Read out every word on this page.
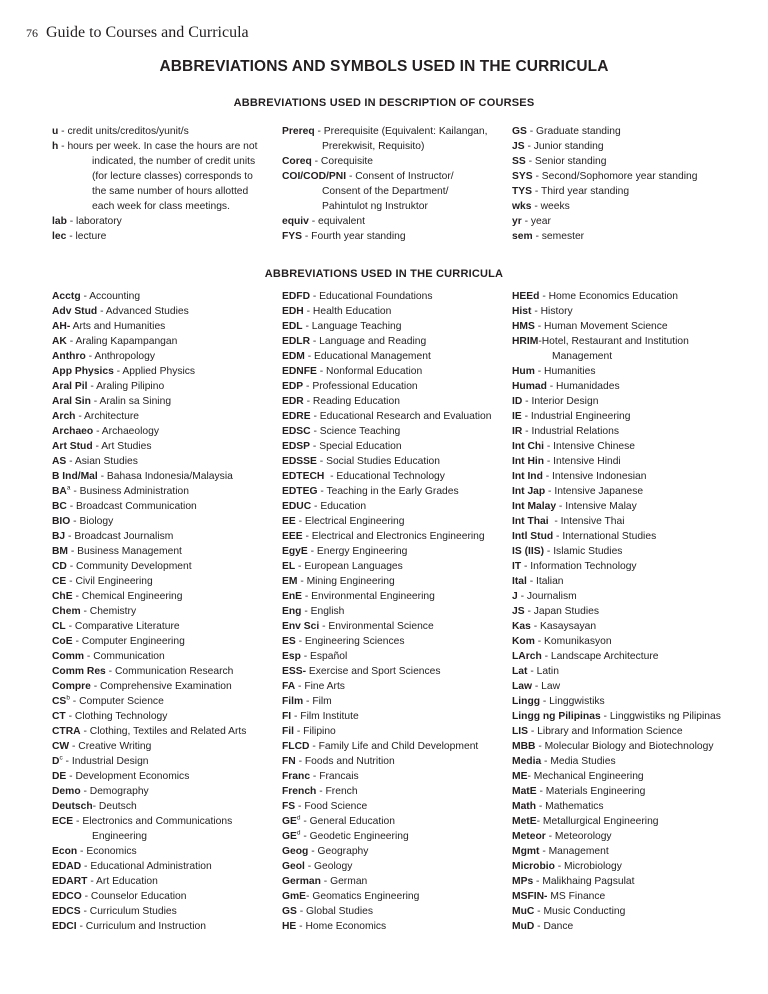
76 Guide to Courses and Curricula
ABBREVIATIONS AND SYMBOLS USED IN THE CURRICULA
ABBREVIATIONS USED IN DESCRIPTION OF COURSES
u - credit units/creditos/yunit/s
h - hours per week. In case the hours are not
indicated, the number of credit units
(for lecture classes) corresponds to
the same number of hours allotted
each week for class meetings.
lab - laboratory
lec - lecture
Prereq - Prerequisite (Equivalent: Kailangan,
Prerekwisit, Requisito)
Coreq - Corequisite
COI/COD/PNI - Consent of Instructor/
Consent of the Department/
Pahintulot ng Instruktor
equiv - equivalent
FYS - Fourth year standing
GS - Graduate standing
JS - Junior standing
SS - Senior standing
SYS - Second/Sophomore year standing
TYS - Third year standing
wks - weeks
yr - year
sem - semester
ABBREVIATIONS USED IN THE CURRICULA
Acctg - Accounting
Adv Stud - Advanced Studies
AH- Arts and Humanities
AK - Araling Kapampangan
Anthro - Anthropology
App Physics - Applied Physics
Aral Pil - Araling Pilipino
Aral Sin - Aralin sa Sining
Arch - Architecture
Archaeo - Archaeology
Art Stud - Art Studies
AS - Asian Studies
B Ind/Mal - Bahasa Indonesia/Malaysia
$BA^a$ - Business Administration
BC - Broadcast Communication
BIO - Biology
BJ - Broadcast Journalism
BM - Business Management
CD - Community Development
CE - Civil Engineering
ChE - Chemical Engineering
Chem - Chemistry
CL - Comparative Literature
CoE - Computer Engineering
Comm - Communication
Comm Res - Communication Research
Compre - Comprehensive Examination
$CS^b$ - Computer Science
CT - Clothing Technology
CTRA - Clothing, Textiles and Related Arts
CW - Creative Writing
$D^c$ - Industrial Design
DE - Development Economics
Demo - Demography
Deutsch- Deutsch
ECE - Electronics and Communications
Engineering
Econ - Economics
EDAD - Educational Administration
EDART - Art Education
EDCO - Counselor Education
EDCS - Curriculum Studies
EDCI - Curriculum and Instruction
EDFD - Educational Foundations
EDH - Health Education
EDL - Language Teaching
EDLR - Language and Reading
EDM - Educational Management
EDNFE - Nonformal Education
EDP - Professional Education
EDR - Reading Education
EDRE - Educational Research and Evaluation
EDSC - Science Teaching
EDSP - Special Education
EDSSE - Social Studies Education
EDTECH  - Educational Technology
EDTEG - Teaching in the Early Grades
EDUC - Education
EE - Electrical Engineering
EEE - Electrical and Electronics Engineering
EgyE - Energy Engineering
EL - European Languages
EM - Mining Engineering
EnE - Environmental Engineering
Eng - English
Env Sci - Environmental Science
ES - Engineering Sciences
Esp - Español
ESS- Exercise and Sport Sciences
FA - Fine Arts
Film - Film
FI - Film Institute
Fil - Filipino
FLCD - Family Life and Child Development
FN - Foods and Nutrition
Franc - Francais
French - French
FS - Food Science
$GE^d$ - General Education
$GE^d$ - Geodetic Engineering
Geog - Geography
Geol - Geology
German - German
GmE- Geomatics Engineering
GS - Global Studies
HE - Home Economics
HEEd - Home Economics Education
Hist - History
HMS - Human Movement Science
HRIM-Hotel, Restaurant and Institution
Management
Hum - Humanities
Humad - Humanidades
ID - Interior Design
IE - Industrial Engineering
IR - Industrial Relations
Int Chi - Intensive Chinese
Int Hin - Intensive Hindi
Int Ind - Intensive Indonesian
Int Jap - Intensive Japanese
Int Malay - Intensive Malay
Int Thai  - Intensive Thai
Intl Stud - International Studies
IS (IIS) - Islamic Studies
IT - Information Technology
Ital - Italian
J - Journalism
JS - Japan Studies
Kas - Kasaysayan
Kom - Komunikasyon
LArch - Landscape Architecture
Lat - Latin
Law - Law
Lingg - Linggwistiks
Lingg ng Pilipinas - Linggwistiks ng Pilipinas
LIS - Library and Information Science
MBB - Molecular Biology and Biotechnology
Media - Media Studies
ME- Mechanical Engineering
MatE - Materials Engineering
Math - Mathematics
MetE- Metallurgical Engineering
Meteor - Meteorology
Mgmt - Management
Microbio - Microbiology
MPs - Malikhaing Pagsulat
MSFIN- MS Finance
MuC - Music Conducting
MuD - Dance
